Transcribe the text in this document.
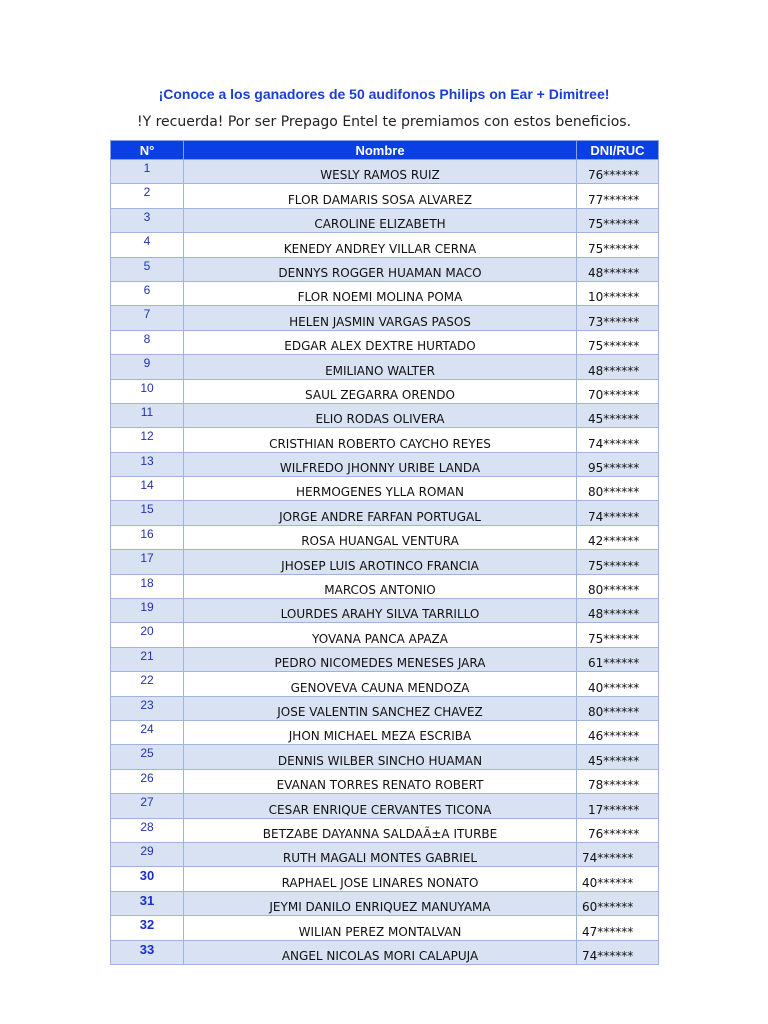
¡Conoce a los ganadores de 50 audifonos Philips on Ear + Dimitree!
!Y recuerda! Por ser Prepago Entel te premiamos con estos beneficios.
N°	Nombre	DNI/RUC
1	WESLY RAMOS RUIZ	76******
2	FLOR DAMARIS SOSA ALVAREZ	77******
3	CAROLINE ELIZABETH	75******
4	KENEDY ANDREY VILLAR CERNA	75******
5	DENNYS ROGGER HUAMAN MACO	48******
6	FLOR NOEMI MOLINA POMA	10******
7	HELEN JASMIN VARGAS PASOS	73******
8	EDGAR ALEX DEXTRE HURTADO	75******
9	EMILIANO WALTER	48******
10	SAUL ZEGARRA ORENDO	70******
11	ELIO RODAS OLIVERA	45******
12	CRISTHIAN ROBERTO CAYCHO REYES	74******
13	WILFREDO JHONNY URIBE LANDA	95******
14	HERMOGENES YLLA ROMAN	80******
15	JORGE ANDRE FARFAN PORTUGAL	74******
16	ROSA HUANGAL VENTURA	42******
17	JHOSEP LUIS AROTINCO FRANCIA	75******
18	MARCOS ANTONIO	80******
19	LOURDES ARAHY SILVA TARRILLO	48******
20	YOVANA PANCA APAZA	75******
21	PEDRO NICOMEDES MENESES JARA	61******
22	GENOVEVA CAUNA MENDOZA	40******
23	JOSE VALENTIN SANCHEZ CHAVEZ	80******
24	JHON MICHAEL MEZA ESCRIBA	46******
25	DENNIS WILBER SINCHO HUAMAN	45******
26	EVANAN TORRES RENATO ROBERT	78******
27	CESAR ENRIQUE CERVANTES TICONA	17******
28	BETZABE DAYANNA SALDAÃ±A ITURBE	76******
29	RUTH MAGALI MONTES GABRIEL	74******
30	RAPHAEL JOSE LINARES NONATO	40******
31	JEYMI DANILO ENRIQUEZ MANUYAMA	60******
32	WILIAN PEREZ MONTALVAN	47******
33	ANGEL NICOLAS MORI CALAPUJA	74******
